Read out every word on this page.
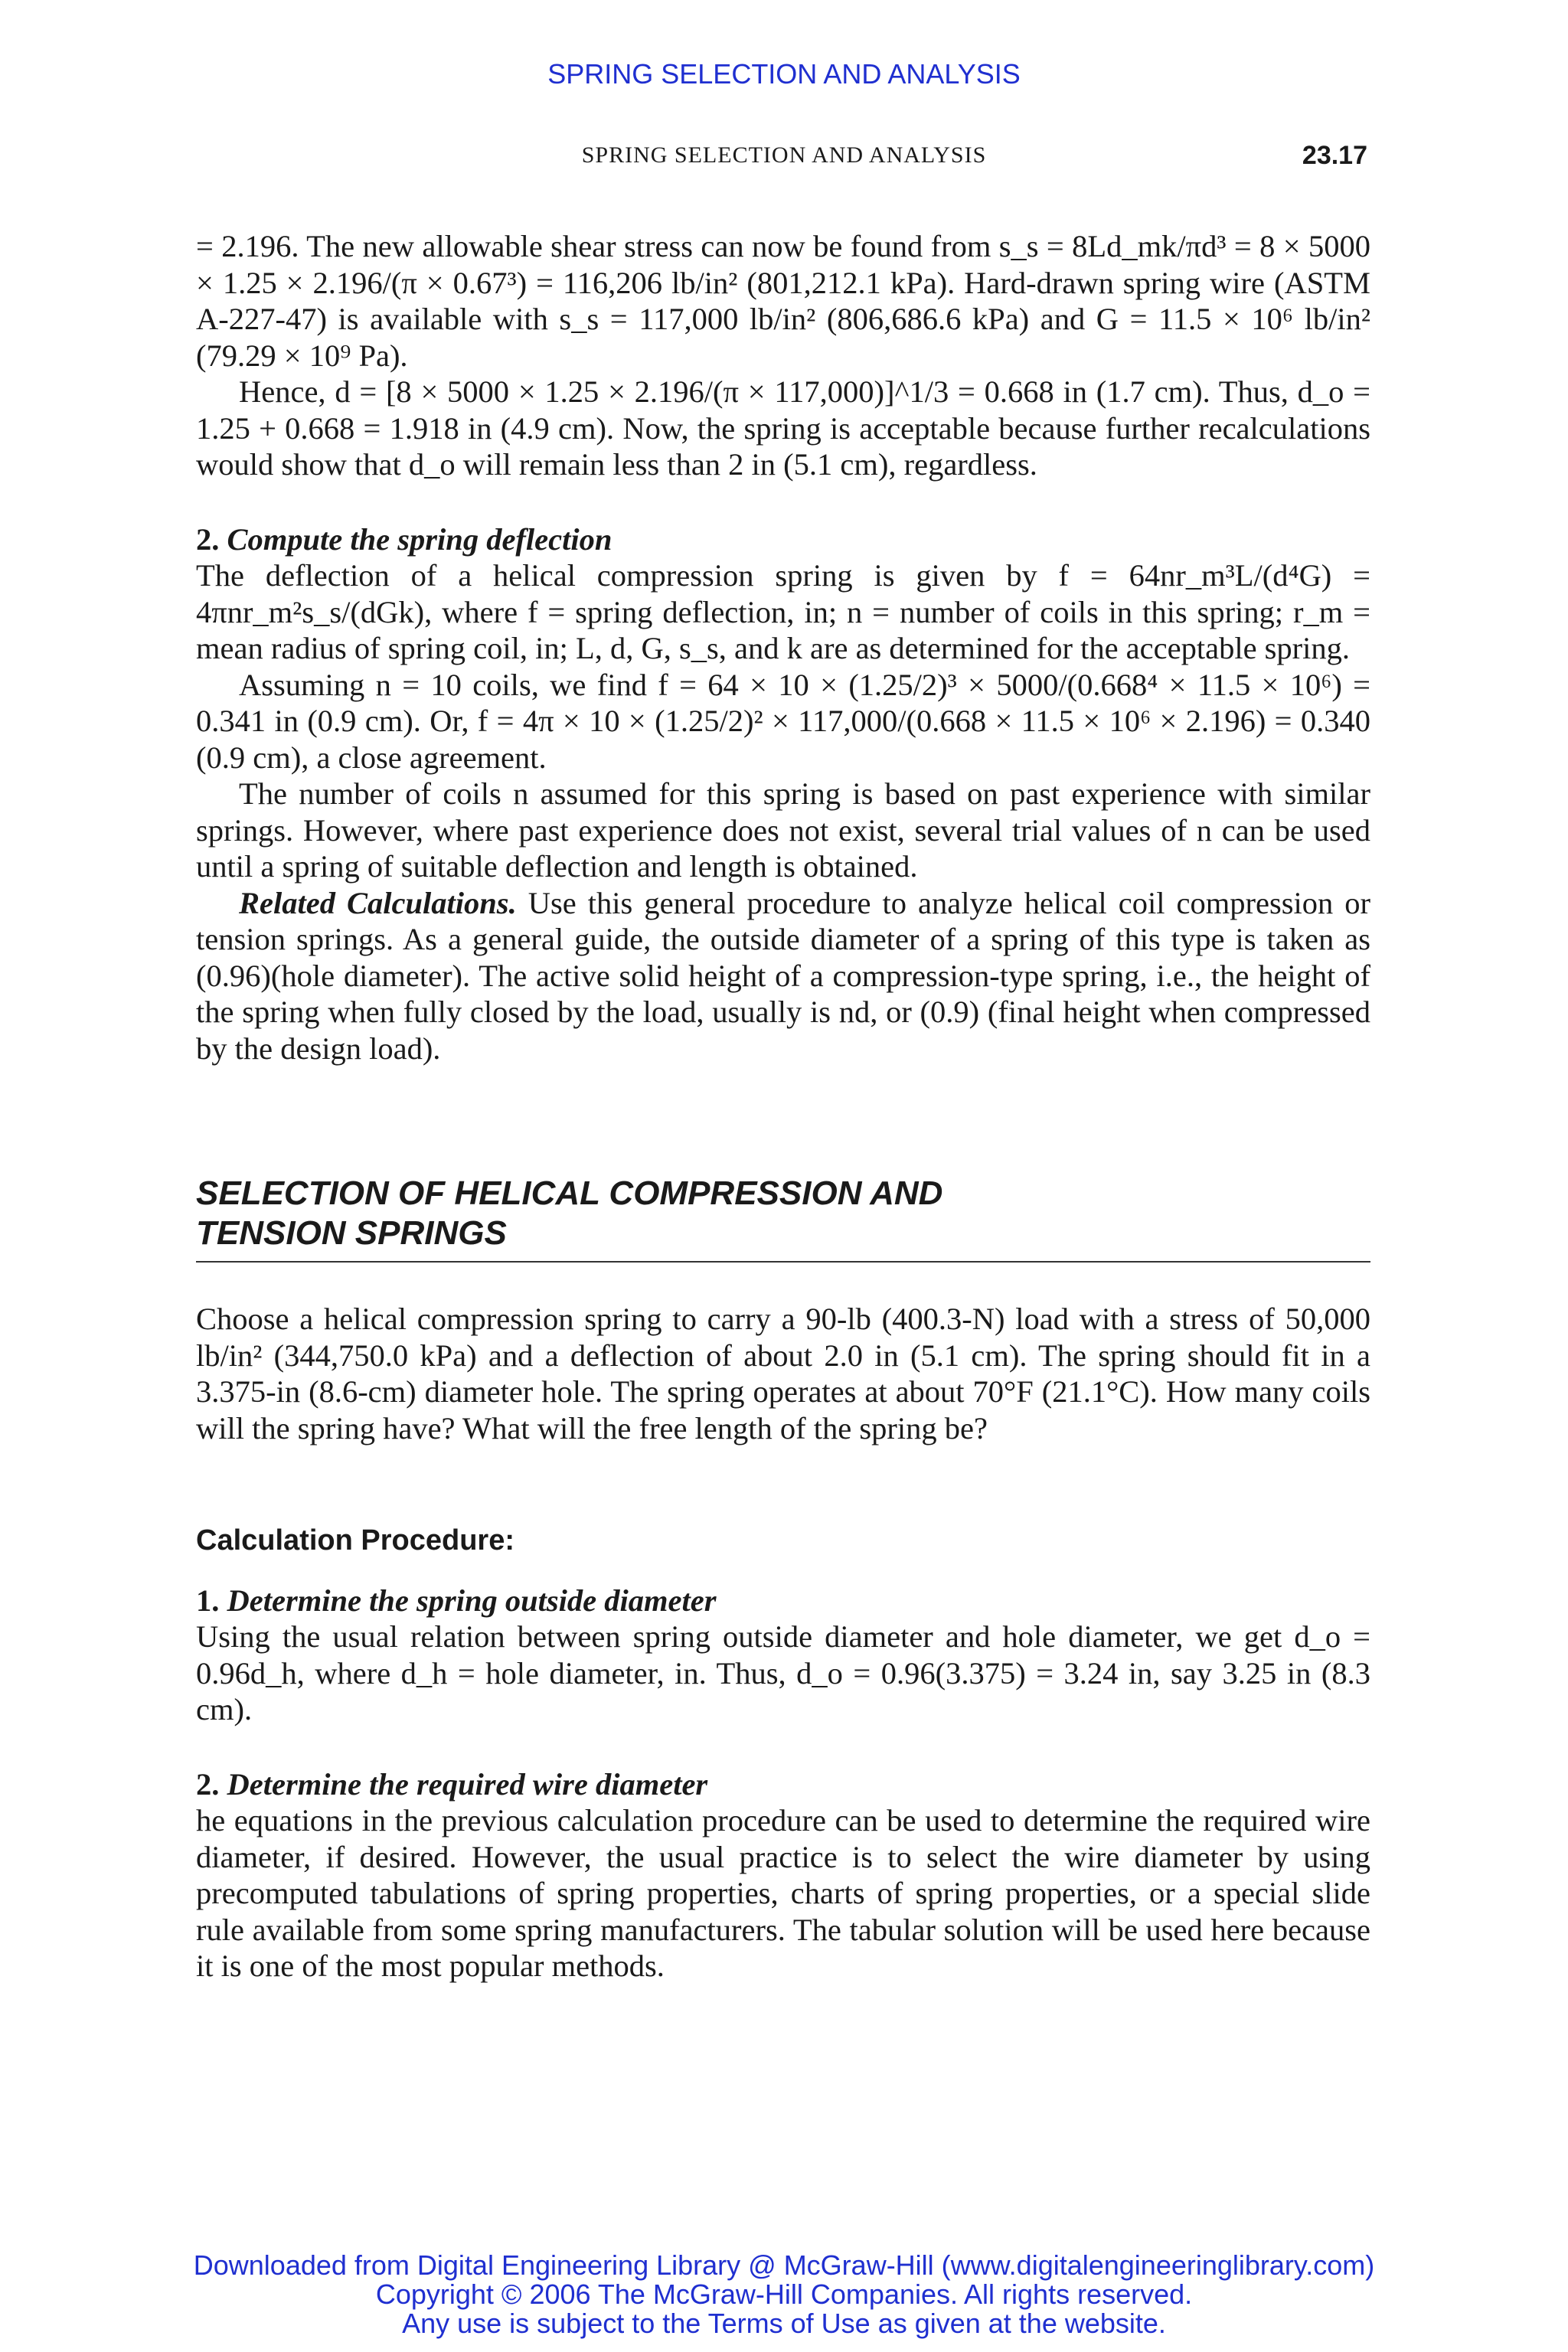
SPRING SELECTION AND ANALYSIS
SPRING SELECTION AND ANALYSIS	23.17

= 2.196. The new allowable shear stress can now be found from s_s = 8Ld_mk/πd³ = 8 × 5000 × 1.25 × 2.196/(π × 0.67³) = 116,206 lb/in² (801,212.1 kPa). Hard-drawn spring wire (ASTM A-227-47) is available with s_s = 117,000 lb/in² (806,686.6 kPa) and G = 11.5 × 10⁶ lb/in² (79.29 × 10⁹ Pa).

Hence, d = [8 × 5000 × 1.25 × 2.196/(π × 117,000)]^1/3 = 0.668 in (1.7 cm). Thus, d_o = 1.25 + 0.668 = 1.918 in (4.9 cm). Now, the spring is acceptable because further recalculations would show that d_o will remain less than 2 in (5.1 cm), regardless.

2. Compute the spring deflection

The deflection of a helical compression spring is given by f = 64nr_m³L/(d⁴G) = 4πnr_m²s_s/(dGk), where f = spring deflection, in; n = number of coils in this spring; r_m = mean radius of spring coil, in; L, d, G, s_s, and k are as determined for the acceptable spring.

Assuming n = 10 coils, we find f = 64 × 10 × (1.25/2)³ × 5000/(0.668⁴ × 11.5 × 10⁶) = 0.341 in (0.9 cm). Or, f = 4π × 10 × (1.25/2)² × 117,000/(0.668 × 11.5 × 10⁶ × 2.196) = 0.340 (0.9 cm), a close agreement.

The number of coils n assumed for this spring is based on past experience with similar springs. However, where past experience does not exist, several trial values of n can be used until a spring of suitable deflection and length is obtained.

Related Calculations. Use this general procedure to analyze helical coil compression or tension springs. As a general guide, the outside diameter of a spring of this type is taken as (0.96)(hole diameter). The active solid height of a compression-type spring, i.e., the height of the spring when fully closed by the load, usually is nd, or (0.9) (final height when compressed by the design load).

SELECTION OF HELICAL COMPRESSION AND
TENSION SPRINGS

Choose a helical compression spring to carry a 90-lb (400.3-N) load with a stress of 50,000 lb/in² (344,750.0 kPa) and a deflection of about 2.0 in (5.1 cm). The spring should fit in a 3.375-in (8.6-cm) diameter hole. The spring operates at about 70°F (21.1°C). How many coils will the spring have? What will the free length of the spring be?

Calculation Procedure:

1. Determine the spring outside diameter

Using the usual relation between spring outside diameter and hole diameter, we get d_o = 0.96d_h, where d_h = hole diameter, in. Thus, d_o = 0.96(3.375) = 3.24 in, say 3.25 in (8.3 cm).

2. Determine the required wire diameter

he equations in the previous calculation procedure can be used to determine the required wire diameter, if desired. However, the usual practice is to select the wire diameter by using precomputed tabulations of spring properties, charts of spring properties, or a special slide rule available from some spring manufacturers. The tabular solution will be used here because it is one of the most popular methods.

Downloaded from Digital Engineering Library @ McGraw-Hill (www.digitalengineeringlibrary.com)
Copyright © 2006 The McGraw-Hill Companies. All rights reserved.
Any use is subject to the Terms of Use as given at the website.
